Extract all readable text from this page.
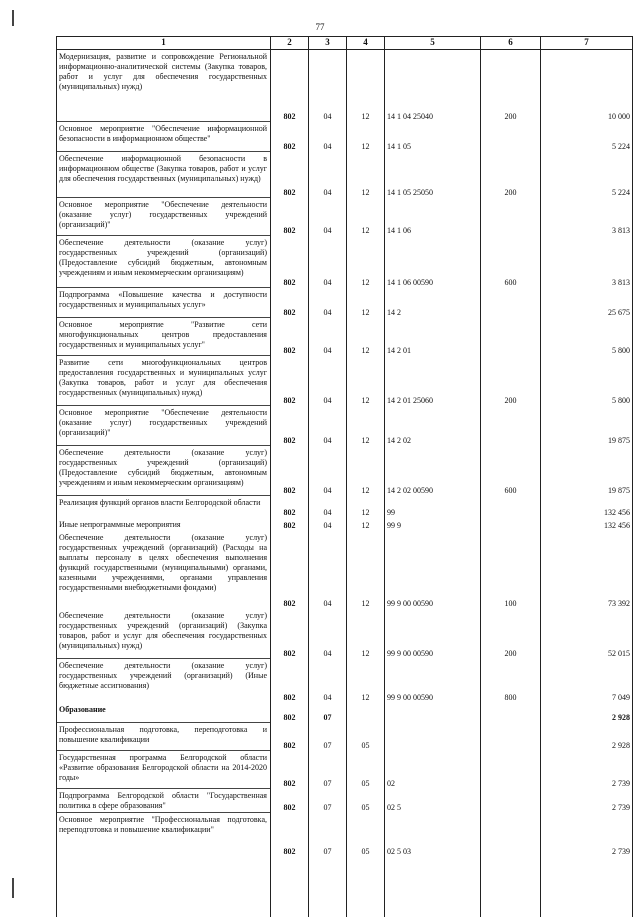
77
1	2	3	4	5	6	7
Модернизация, развитие и сопровождение Региональной информационно-аналитической системы (Закупка товаров, работ и услуг для обеспечения государственных (муниципальных) нужд)	802	04	12	14 1 04 25040	200	10 000
Основное мероприятие "Обеспечение информационной безопасности в информационном обществе"	802	04	12	14 1 05		5 224
Обеспечение информационной безопасности в информационном обществе (Закупка товаров, работ и услуг для обеспечения государственных (муниципальных) нужд)	802	04	12	14 1 05 25050	200	5 224
Основное мероприятие "Обеспечение деятельности (оказание услуг) государственных учреждений (организаций)"	802	04	12	14 1 06		3 813
Обеспечение деятельности (оказание услуг) государственных учреждений (организаций) (Предоставление субсидий бюджетным, автономным учреждениям и иным некоммерческим организациям)	802	04	12	14 1 06 00590	600	3 813
Подпрограмма «Повышение качества и доступности государственных и муниципальных услуг»	802	04	12	14 2		25 675
Основное мероприятие "Развитие сети многофункциональных центров предоставления государственных и муниципальных услуг"	802	04	12	14 2 01		5 800
Развитие сети многофункциональных центров предоставления государственных и муниципальных услуг (Закупка товаров, работ и услуг для обеспечения государственных (муниципальных) нужд)	802	04	12	14 2 01 25060	200	5 800
Основное мероприятие "Обеспечение деятельности (оказание услуг) государственных учреждений (организаций)"	802	04	12	14 2 02		19 875
Обеспечение деятельности (оказание услуг) государственных учреждений (организаций) (Предоставление субсидий бюджетным, автономным учреждениям и иным некоммерческим организациям)	802	04	12	14 2 02 00590	600	19 875
Реализация функций органов власти Белгородской области	802	04	12	99		132 456
Иные непрограммные мероприятия	802	04	12	99 9		132 456
Обеспечение деятельности (оказание услуг) государственных учреждений (организаций) (Расходы на выплаты персоналу в целях обеспечения выполнения функций государственными (муниципальными) органами, казенными учреждениями, органами управления государственными внебюджетными фондами)	802	04	12	99 9 00 00590	100	73 392
Обеспечение деятельности (оказание услуг) государственных учреждений (организаций) (Закупка товаров, работ и услуг для обеспечения государственных (муниципальных) нужд)	802	04	12	99 9 00 00590	200	52 015
Обеспечение деятельности (оказание услуг) государственных учреждений (организаций) (Иные бюджетные ассигнования)	802	04	12	99 9 00 00590	800	7 049
Образование	802	07				2 928
Профессиональная подготовка, переподготовка и повышение квалификации	802	07	05			2 928
Государственная программа Белгородской области «Развитие образования Белгородской области на 2014-2020 годы»	802	07	05	02		2 739
Подпрограмма Белгородской области "Государственная политика в сфере образования"	802	07	05	02 5		2 739
Основное мероприятие "Профессиональная подготовка, переподготовка и повышение квалификации"	802	07	05	02 5 03		2 739
